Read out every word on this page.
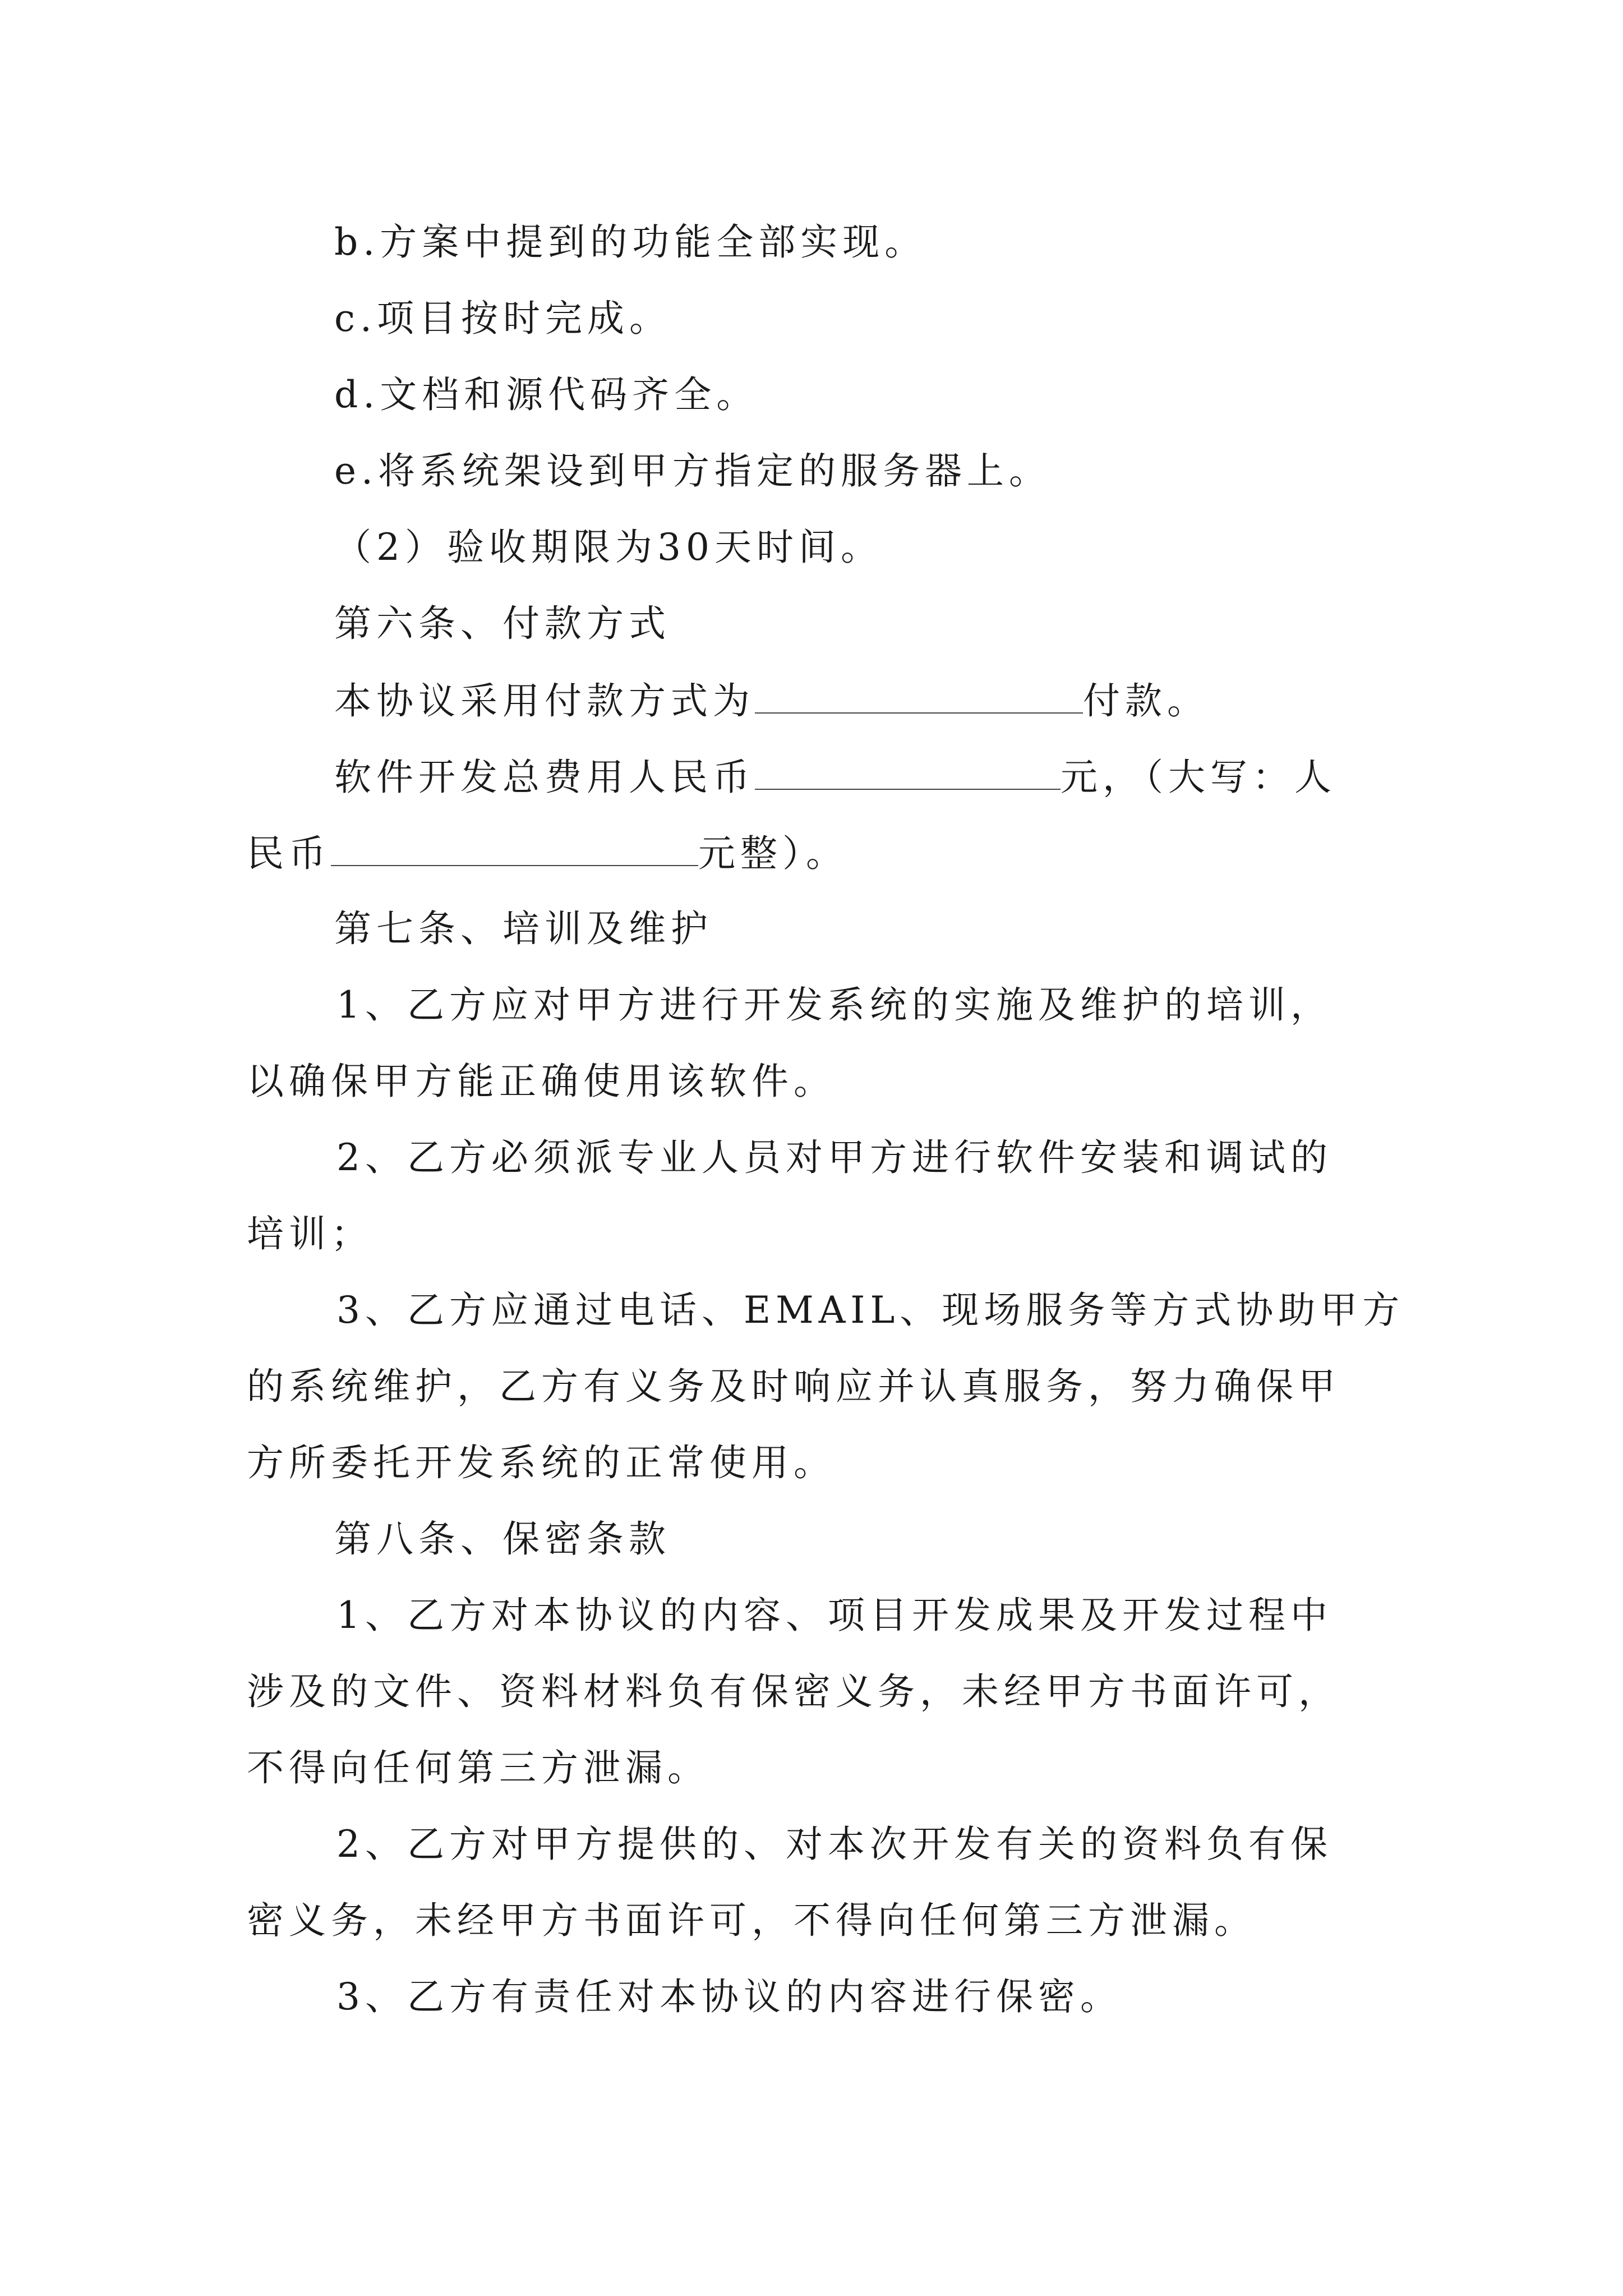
b.方案中提到的功能全部实现。
c.项目按时完成。
d.文档和源代码齐全。
e.将系统架设到甲方指定的服务器上。
（2）验收期限为30天时间。
第六条、付款方式
本协议采用付款方式为	付款。
软件开发总费用人民币	元，（大写：人
民币	元整）。
第七条、培训及维护
1、乙方应对甲方进行开发系统的实施及维护的培训，
以确保甲方能正确使用该软件。
2、乙方必须派专业人员对甲方进行软件安装和调试的
培训；
3、乙方应通过电话、EMAIL、现场服务等方式协助甲方
的系统维护，乙方有义务及时响应并认真服务，努力确保甲
方所委托开发系统的正常使用。
第八条、保密条款
1、乙方对本协议的内容、项目开发成果及开发过程中
涉及的文件、资料材料负有保密义务，未经甲方书面许可，
不得向任何第三方泄漏。
2、乙方对甲方提供的、对本次开发有关的资料负有保
密义务，未经甲方书面许可，不得向任何第三方泄漏。
3、乙方有责任对本协议的内容进行保密。
